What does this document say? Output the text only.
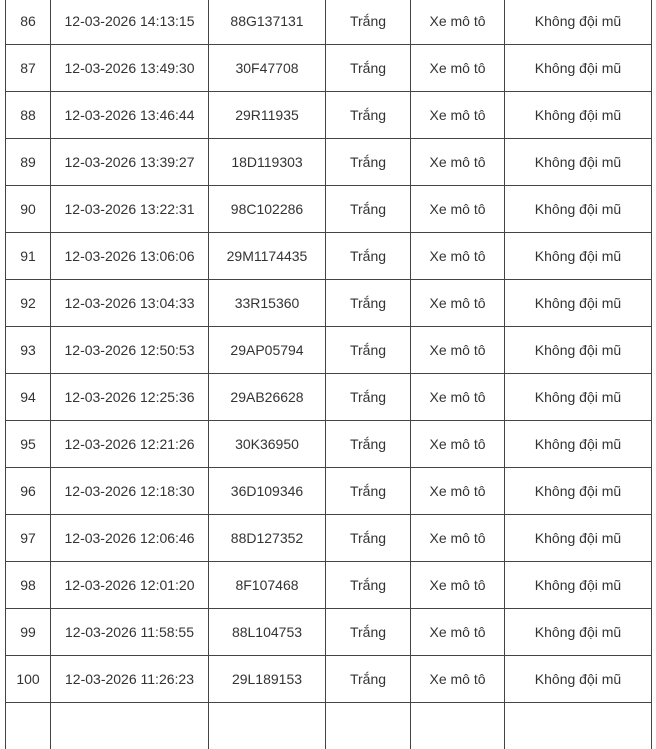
86	12-03-2026 14:13:15	88G137131	Trắng	Xe mô tô	Không đội mũ
87	12-03-2026 13:49:30	30F47708	Trắng	Xe mô tô	Không đội mũ
88	12-03-2026 13:46:44	29R11935	Trắng	Xe mô tô	Không đội mũ
89	12-03-2026 13:39:27	18D119303	Trắng	Xe mô tô	Không đội mũ
90	12-03-2026 13:22:31	98C102286	Trắng	Xe mô tô	Không đội mũ
91	12-03-2026 13:06:06	29M1174435	Trắng	Xe mô tô	Không đội mũ
92	12-03-2026 13:04:33	33R15360	Trắng	Xe mô tô	Không đội mũ
93	12-03-2026 12:50:53	29AP05794	Trắng	Xe mô tô	Không đội mũ
94	12-03-2026 12:25:36	29AB26628	Trắng	Xe mô tô	Không đội mũ
95	12-03-2026 12:21:26	30K36950	Trắng	Xe mô tô	Không đội mũ
96	12-03-2026 12:18:30	36D109346	Trắng	Xe mô tô	Không đội mũ
97	12-03-2026 12:06:46	88D127352	Trắng	Xe mô tô	Không đội mũ
98	12-03-2026 12:01:20	8F107468	Trắng	Xe mô tô	Không đội mũ
99	12-03-2026 11:58:55	88L104753	Trắng	Xe mô tô	Không đội mũ
100	12-03-2026 11:26:23	29L189153	Trắng	Xe mô tô	Không đội mũ
